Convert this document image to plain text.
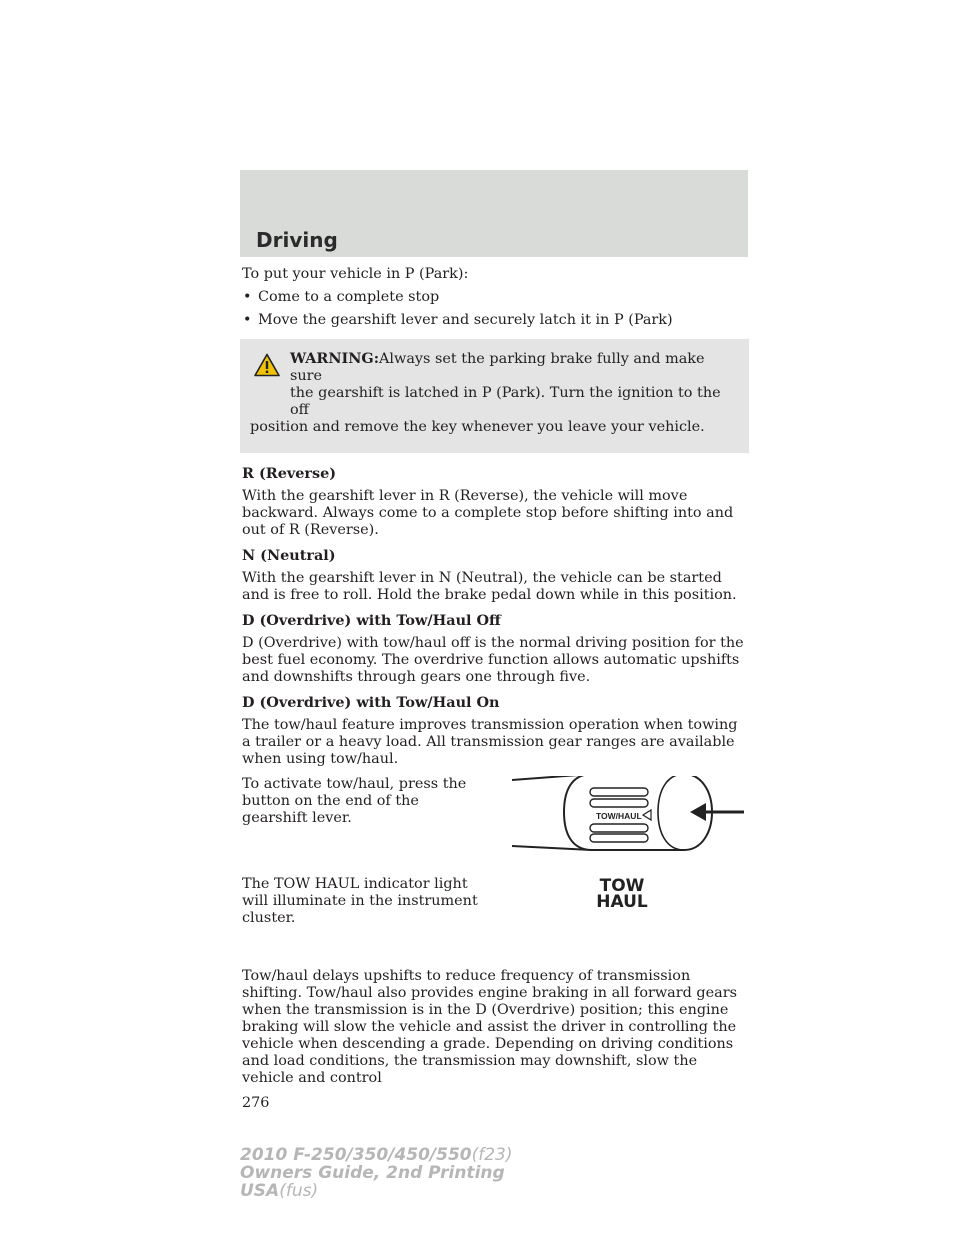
Driving

To put your vehicle in P (Park):

• Come to a complete stop
• Move the gearshift lever and securely latch it in P (Park)

WARNING:Always set the parking brake fully and make sure
the gearshift is latched in P (Park). Turn the ignition to the off
position and remove the key whenever you leave your vehicle.

R (Reverse)

With the gearshift lever in R (Reverse), the vehicle will move backward. Always come to a complete stop before shifting into and out of R (Reverse).

N (Neutral)

With the gearshift lever in N (Neutral), the vehicle can be started and is free to roll. Hold the brake pedal down while in this position.

D (Overdrive) with Tow/Haul Off

D (Overdrive) with tow/haul off is the normal driving position for the best fuel economy. The overdrive function allows automatic upshifts and downshifts through gears one through five.

D (Overdrive) with Tow/Haul On

The tow/haul feature improves transmission operation when towing a trailer or a heavy load. All transmission gear ranges are available when using tow/haul.

To activate tow/haul, press the button on the end of the gearshift lever.

The TOW HAUL indicator light will illuminate in the instrument cluster.

TOW/HAUL
TOW
HAUL

Tow/haul delays upshifts to reduce frequency of transmission shifting. Tow/haul also provides engine braking in all forward gears when the transmission is in the D (Overdrive) position; this engine braking will slow the vehicle and assist the driver in controlling the vehicle when descending a grade. Depending on driving conditions and load conditions, the transmission may downshift, slow the vehicle and control

276

2010 F-250/350/450/550(f23)
Owners Guide, 2nd Printing
USA(fus)
